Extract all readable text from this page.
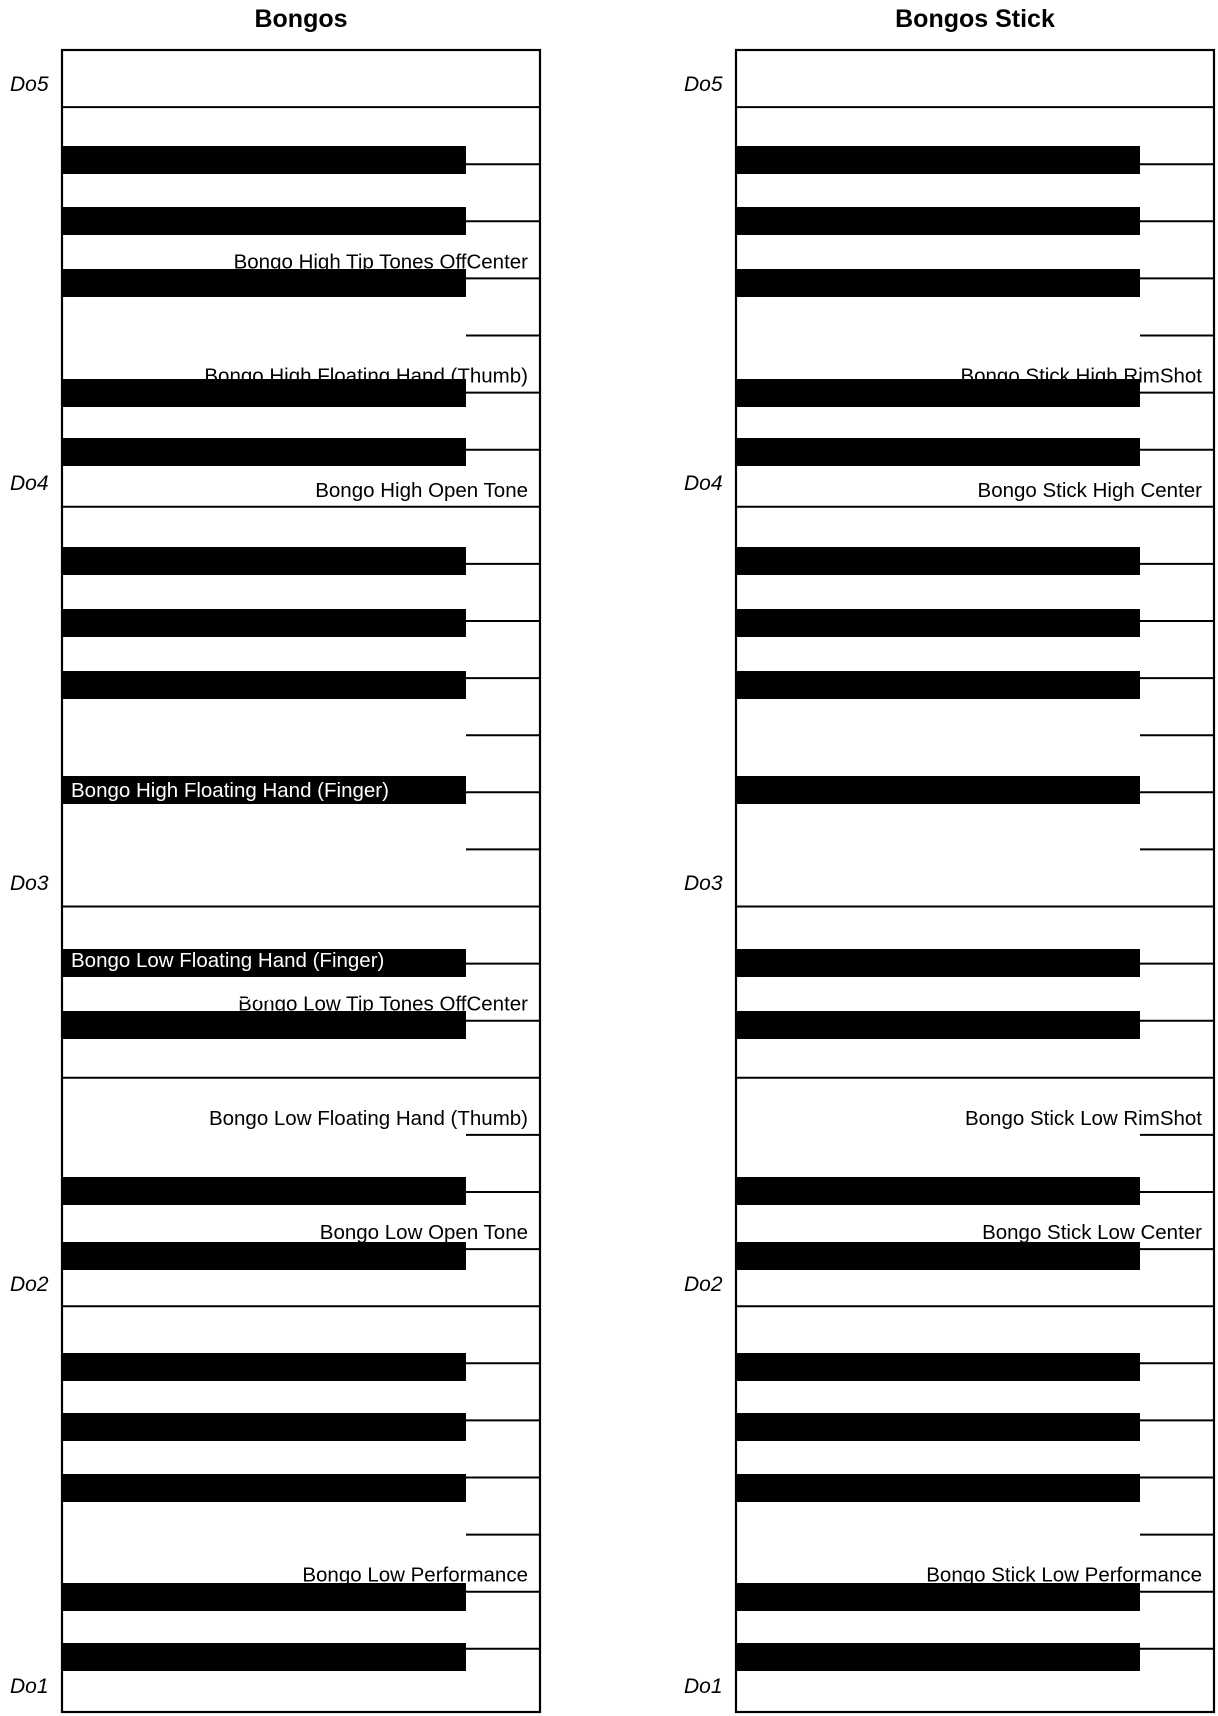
Bongos
Bongo High Tip Tones OffCenter
Bongo High Floating Hand (Thumb)
Bongo High Open Tone
Bongo Low Tip Tones OffCenter
Bongo Low Floating Hand (Thumb)
Bongo Low Open Tone
Bongo Low Performance
Bongo High Floating Hand (Finger)
Bongo High Close Slap
Bongo Low Floating Hand (Finger)
Bongo Low Close Slap
Bongo High Performance
Do5
Do4
Do3
Do2
Do1
Bongos Stick
Bongo Stick High RimShot
Bongo Stick High Center
Bongo Stick Low RimShot
Bongo Stick Low Center
Bongo Stick Low Performance
Bongo Stick High OffCenter
Bongo Stick Low OffCenter
Bongo Stick High Performance
Do5
Do4
Do3
Do2
Do1
